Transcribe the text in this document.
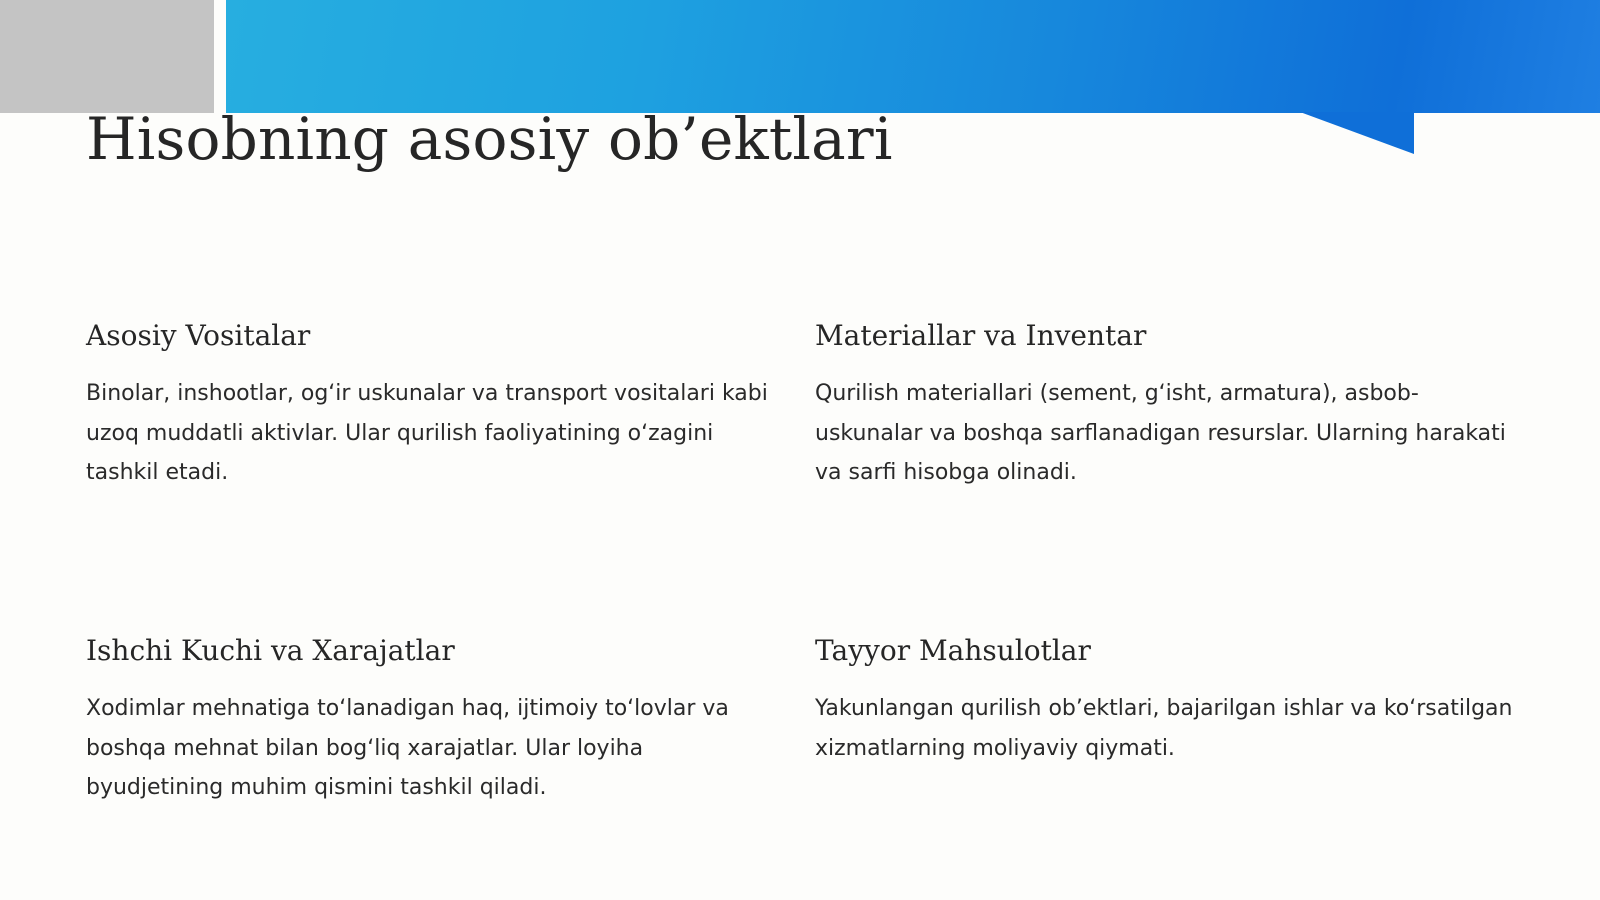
Hisobning asosiy ob’ektlari
Asosiy Vositalar

Binolar, inshootlar, og‘ir uskunalar va transport vositalari kabi uzoq muddatli aktivlar. Ular qurilish faoliyatining o‘zagini tashkil etadi.

Materiallar va Inventar

Qurilish materiallari (sement, g‘isht, armatura), asbob-uskunalar va boshqa sarflanadigan resurslar. Ularning harakati va sarfi hisobga olinadi.

Ishchi Kuchi va Xarajatlar

Xodimlar mehnatiga to‘lanadigan haq, ijtimoiy to‘lovlar va boshqa mehnat bilan bog‘liq xarajatlar. Ular loyiha byudjetining muhim qismini tashkil qiladi.

Tayyor Mahsulotlar

Yakunlangan qurilish ob’ektlari, bajarilgan ishlar va ko‘rsatilgan xizmatlarning moliyaviy qiymati.
